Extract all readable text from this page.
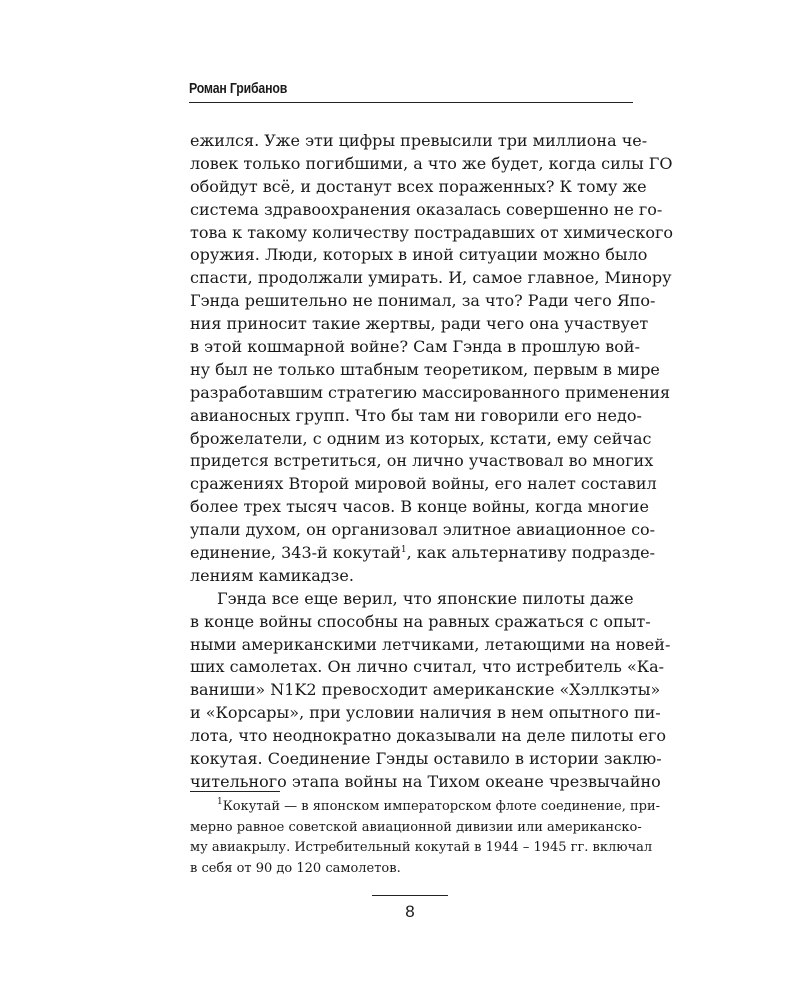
Роман Грибанов
ежился. Уже эти цифры превысили три миллиона че-
ловек только погибшими, а что же будет, когда силы ГО
обойдут всё, и достанут всех пораженных? К тому же
система здравоохранения оказалась совершенно не го-
това к такому количеству пострадавших от химического
оружия. Люди, которых в иной ситуации можно было
спасти, продолжали умирать. И, самое главное, Минору
Гэнда решительно не понимал, за что? Ради чего Япо-
ния приносит такие жертвы, ради чего она участвует
в этой кошмарной войне? Сам Гэнда в прошлую вой-
ну был не только штабным теоретиком, первым в мире
разработавшим стратегию массированного применения
авианосных групп. Что бы там ни говорили его недо-
брожелатели, с одним из которых, кстати, ему сейчас
придется встретиться, он лично участвовал во многих
сражениях Второй мировой войны, его налет составил
более трех тысяч часов. В конце войны, когда многие
упали духом, он организовал элитное авиационное со-
единение, 343-й кокутай$^1$, как альтернативу подразде-
лениям камикадзе.
Гэнда все еще верил, что японские пилоты даже
в конце войны способны на равных сражаться с опыт-
ными американскими летчиками, летающими на новей-
ших самолетах. Он лично считал, что истребитель «Ка-
ваниши» N1K2 превосходит американские «Хэллкэты»
и «Корсары», при условии наличия в нем опытного пи-
лота, что неоднократно доказывали на деле пилоты его
кокутая. Соединение Гэнды оставило в истории заклю-
чительного этапа войны на Тихом океане чрезвычайно
$^1$Кокутай — в японском императорском флоте соединение, при-
мерно равное советской авиационной дивизии или американско-
му авиакрылу. Истребительный кокутай в 1944 – 1945 гг. включал
в себя от 90 до 120 самолетов.
8
